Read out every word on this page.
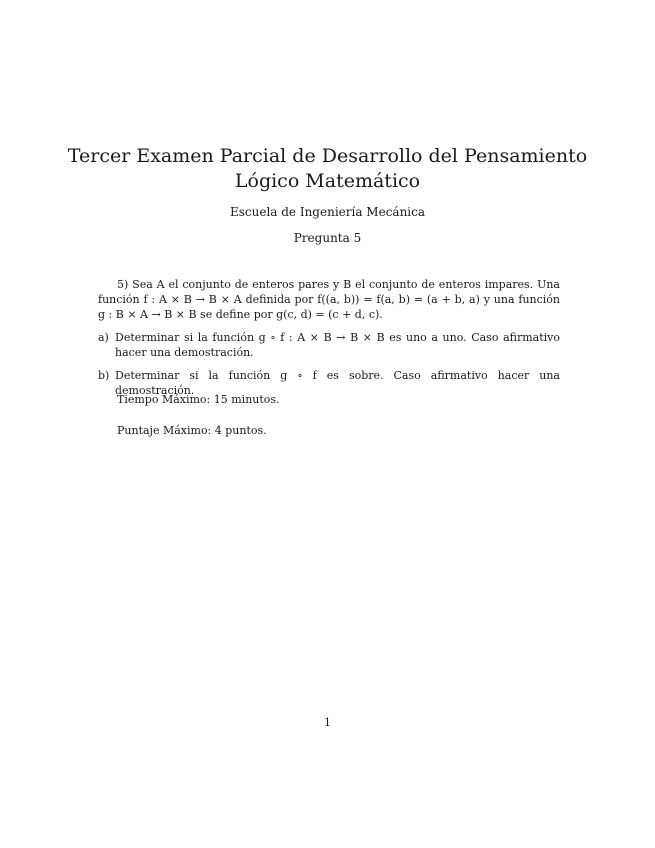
Tercer Examen Parcial de Desarrollo del Pensamiento Lógico Matemático

Escuela de Ingeniería Mecánica

Pregunta 5

5) Sea A el conjunto de enteros pares y B el conjunto de enteros impares. Una función f : A × B → B × A definida por f((a, b)) = f(a, b) = (a + b, a) y una función g : B × A → B × B se define por g(c, d) = (c + d, c).

a) Determinar si la función g ∘ f : A × B → B × B es uno a uno. Caso afirmativo hacer una demostración.
b) Determinar si la función g ∘ f es sobre. Caso afirmativo hacer una demostración.

Tiempo Máximo: 15 minutos.

Puntaje Máximo: 4 puntos.

1
